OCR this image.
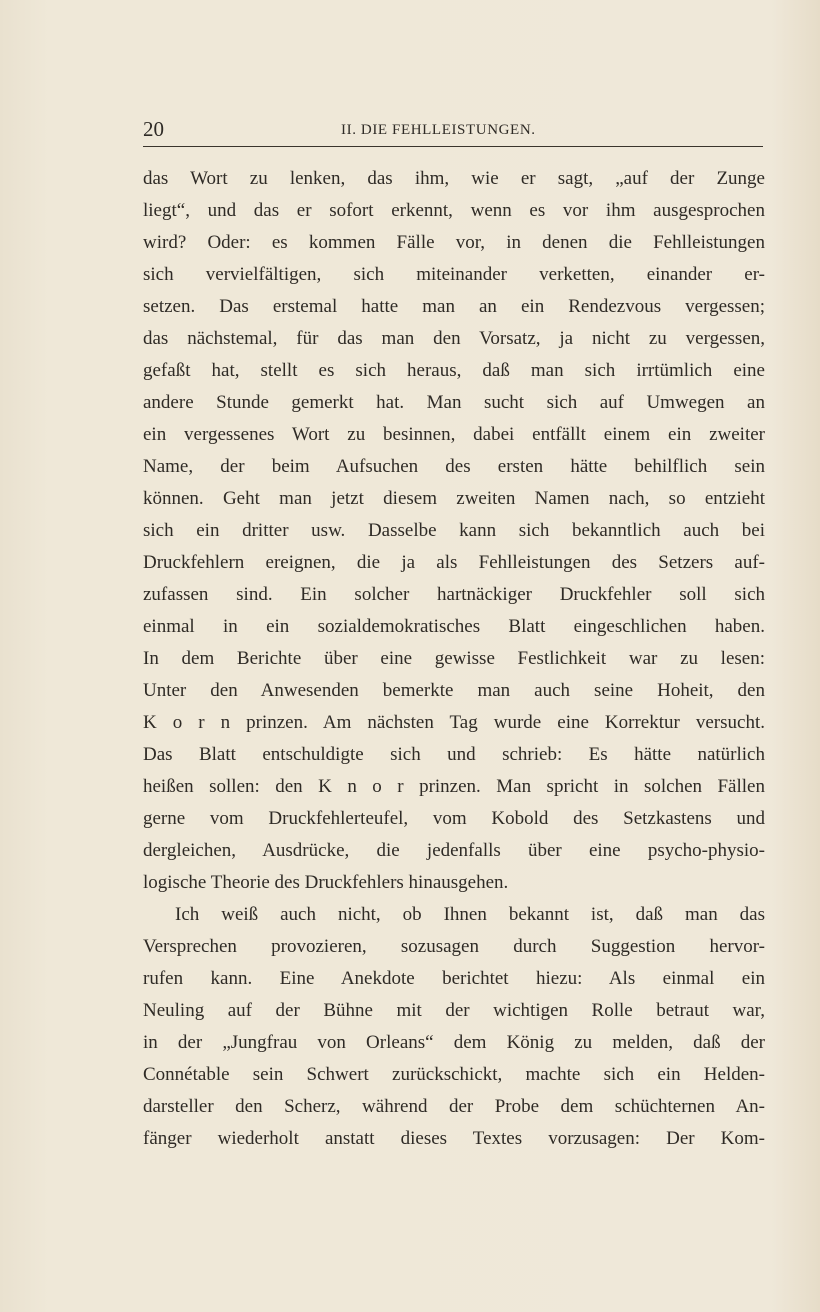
20	II. DIE FEHLLEISTUNGEN.
das Wort zu lenken, das ihm, wie er sagt, „auf der Zunge
liegt“, und das er sofort erkennt, wenn es vor ihm ausgesprochen
wird? Oder: es kommen Fälle vor, in denen die Fehlleistungen
sich vervielfältigen, sich miteinander verketten, einander er-
setzen. Das erstemal hatte man an ein Rendezvous vergessen;
das nächstemal, für das man den Vorsatz, ja nicht zu vergessen,
gefaßt hat, stellt es sich heraus, daß man sich irrtümlich eine
andere Stunde gemerkt hat. Man sucht sich auf Umwegen an
ein vergessenes Wort zu besinnen, dabei entfällt einem ein zweiter
Name, der beim Aufsuchen des ersten hätte behilflich sein
können. Geht man jetzt diesem zweiten Namen nach, so entzieht
sich ein dritter usw. Dasselbe kann sich bekanntlich auch bei
Druckfehlern ereignen, die ja als Fehlleistungen des Setzers auf-
zufassen sind. Ein solcher hartnäckiger Druckfehler soll sich
einmal in ein sozialdemokratisches Blatt eingeschlichen haben.
In dem Berichte über eine gewisse Festlichkeit war zu lesen:
Unter den Anwesenden bemerkte man auch seine Hoheit, den
K o r n prinzen. Am nächsten Tag wurde eine Korrektur versucht.
Das Blatt entschuldigte sich und schrieb: Es hätte natürlich
heißen sollen: den K n o r prinzen. Man spricht in solchen Fällen
gerne vom Druckfehlerteufel, vom Kobold des Setzkastens und
dergleichen, Ausdrücke, die jedenfalls über eine psycho-physio-
logische Theorie des Druckfehlers hinausgehen.
Ich weiß auch nicht, ob Ihnen bekannt ist, daß man das
Versprechen provozieren, sozusagen durch Suggestion hervor-
rufen kann. Eine Anekdote berichtet hiezu: Als einmal ein
Neuling auf der Bühne mit der wichtigen Rolle betraut war,
in der „Jungfrau von Orleans“ dem König zu melden, daß der
Connétable sein Schwert zurückschickt, machte sich ein Helden-
darsteller den Scherz, während der Probe dem schüchternen An-
fänger wiederholt anstatt dieses Textes vorzusagen: Der Kom-
